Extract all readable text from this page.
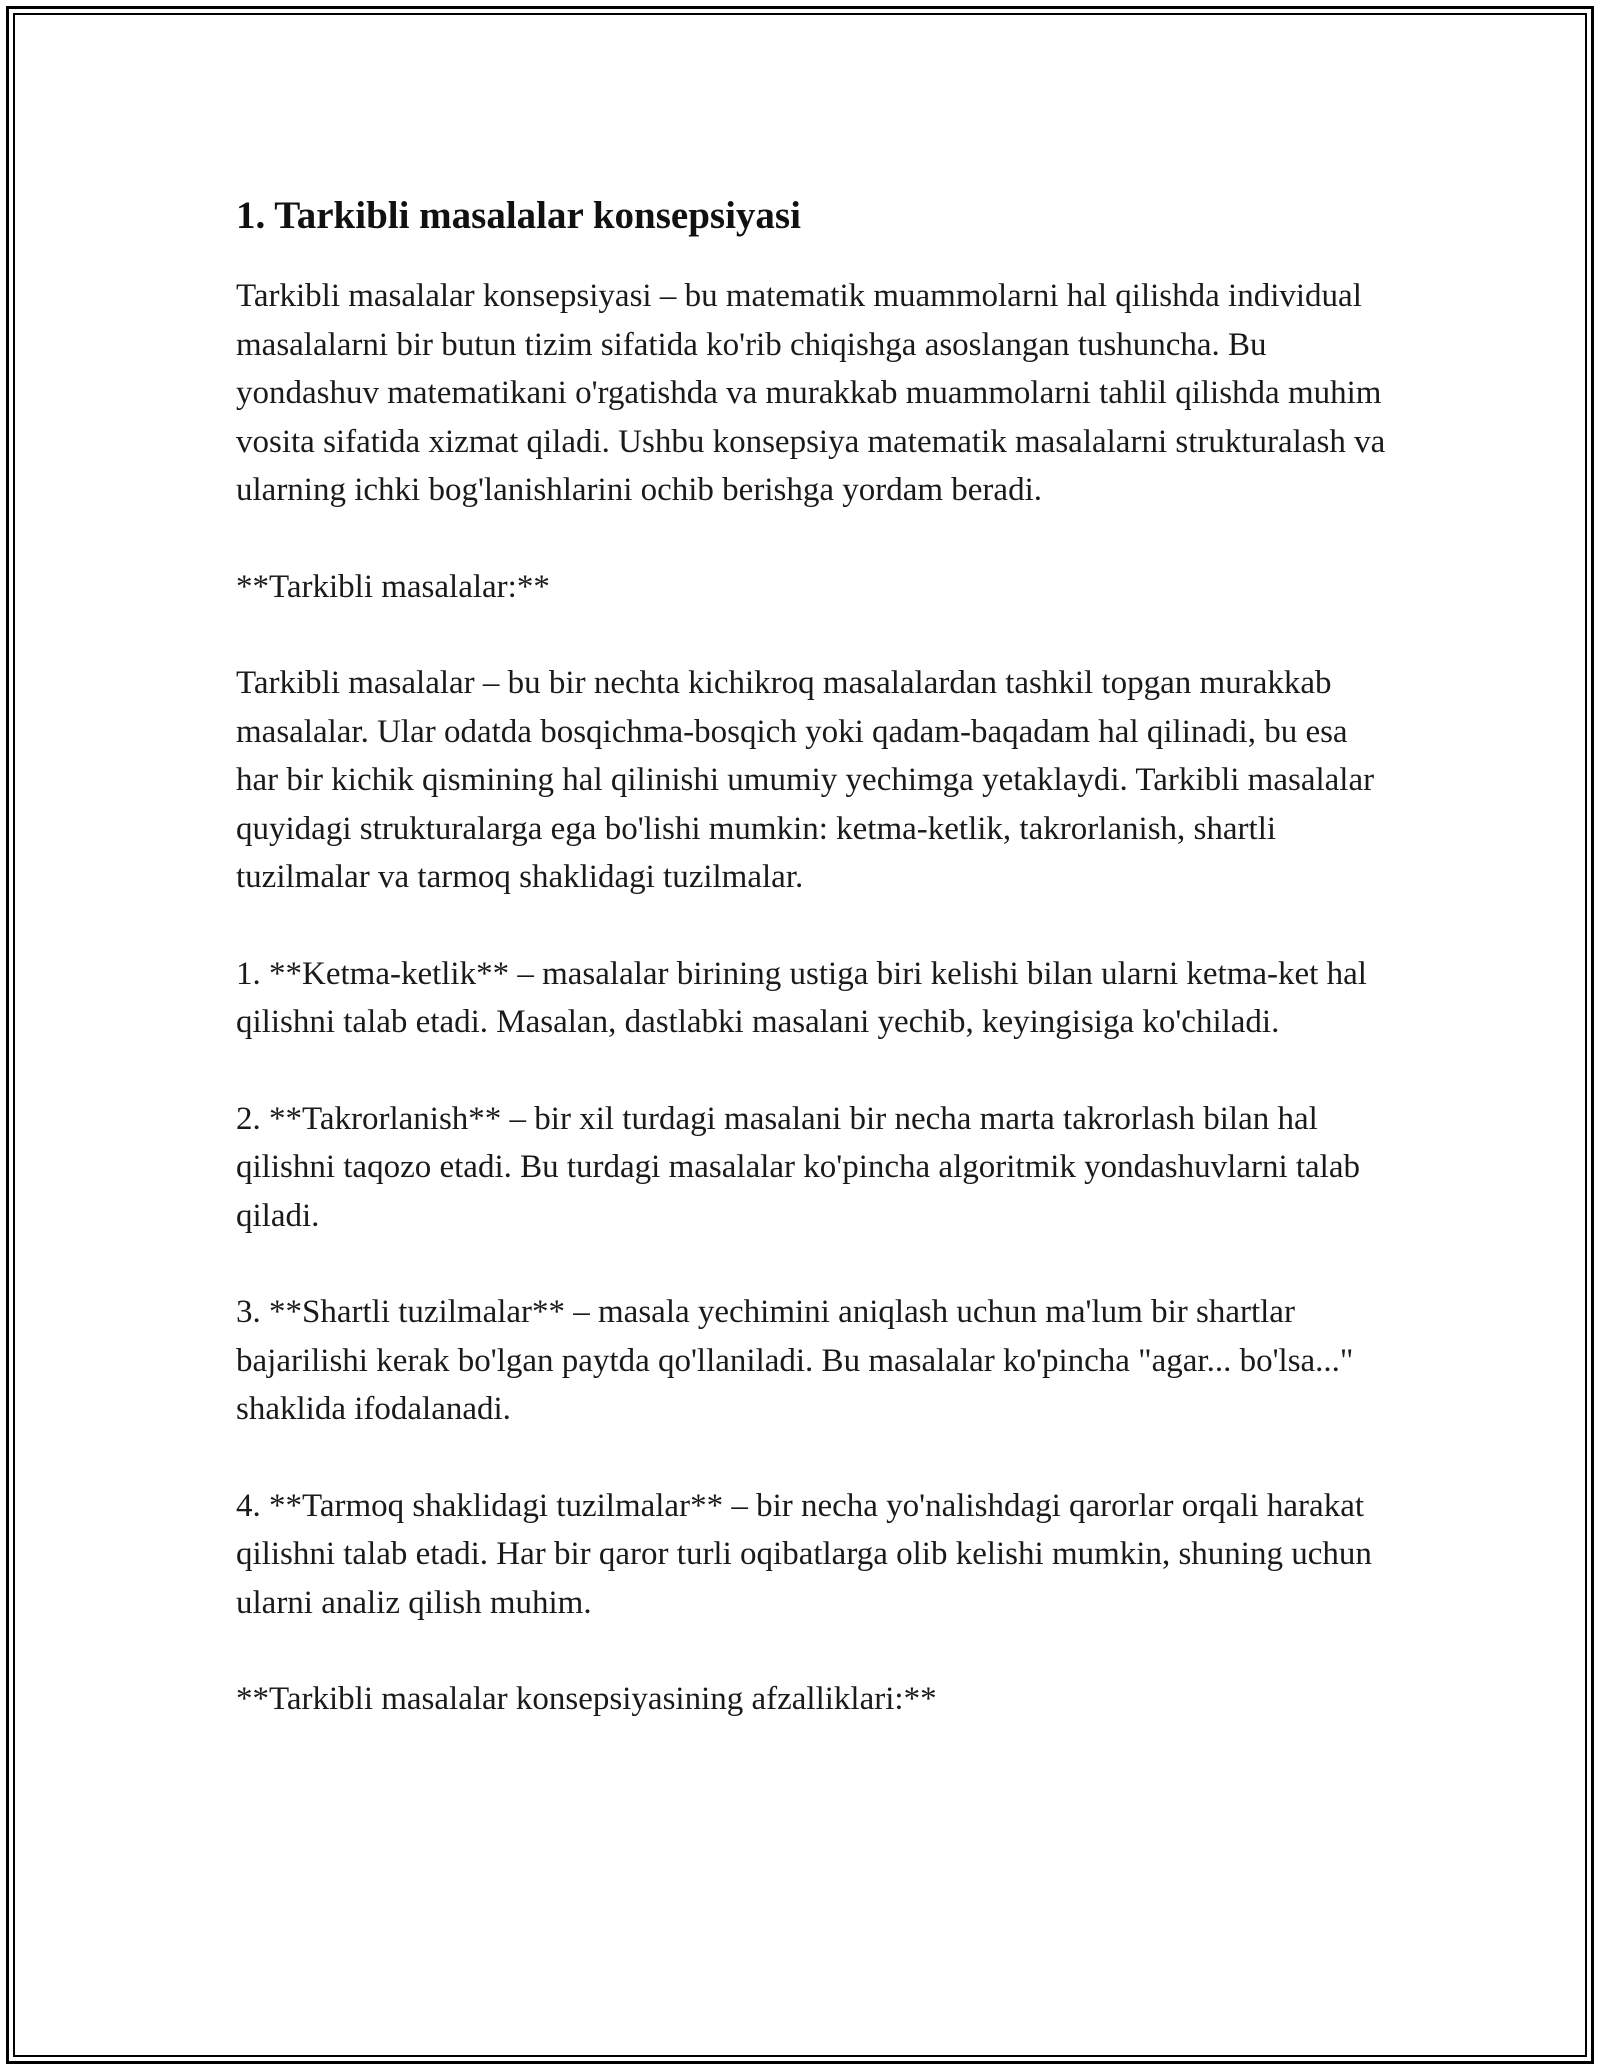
1. Tarkibli masalalar konsepsiyasi

Tarkibli masalalar konsepsiyasi – bu matematik muammolarni hal qilishda individual masalalarni bir butun tizim sifatida ko'rib chiqishga asoslangan tushuncha. Bu yondashuv matematikani o'rgatishda va murakkab muammolarni tahlil qilishda muhim vosita sifatida xizmat qiladi. Ushbu konsepsiya matematik masalalarni strukturalash va ularning ichki bog'lanishlarini ochib berishga yordam beradi.

**Tarkibli masalalar:**

Tarkibli masalalar – bu bir nechta kichikroq masalalardan tashkil topgan murakkab masalalar. Ular odatda bosqichma-bosqich yoki qadam-baqadam hal qilinadi, bu esa har bir kichik qismining hal qilinishi umumiy yechimga yetaklaydi. Tarkibli masalalar quyidagi strukturalarga ega bo'lishi mumkin: ketma-ketlik, takrorlanish, shartli tuzilmalar va tarmoq shaklidagi tuzilmalar.

1. **Ketma-ketlik** – masalalar birining ustiga biri kelishi bilan ularni ketma-ket hal qilishni talab etadi. Masalan, dastlabki masalani yechib, keyingisiga ko'chiladi.

2. **Takrorlanish** – bir xil turdagi masalani bir necha marta takrorlash bilan hal qilishni taqozo etadi. Bu turdagi masalalar ko'pincha algoritmik yondashuvlarni talab qiladi.

3. **Shartli tuzilmalar** – masala yechimini aniqlash uchun ma'lum bir shartlar bajarilishi kerak bo'lgan paytda qo'llaniladi. Bu masalalar ko'pincha "agar... bo'lsa..." shaklida ifodalanadi.

4. **Tarmoq shaklidagi tuzilmalar** – bir necha yo'nalishdagi qarorlar orqali harakat qilishni talab etadi. Har bir qaror turli oqibatlarga olib kelishi mumkin, shuning uchun ularni analiz qilish muhim.

**Tarkibli masalalar konsepsiyasining afzalliklari:**
